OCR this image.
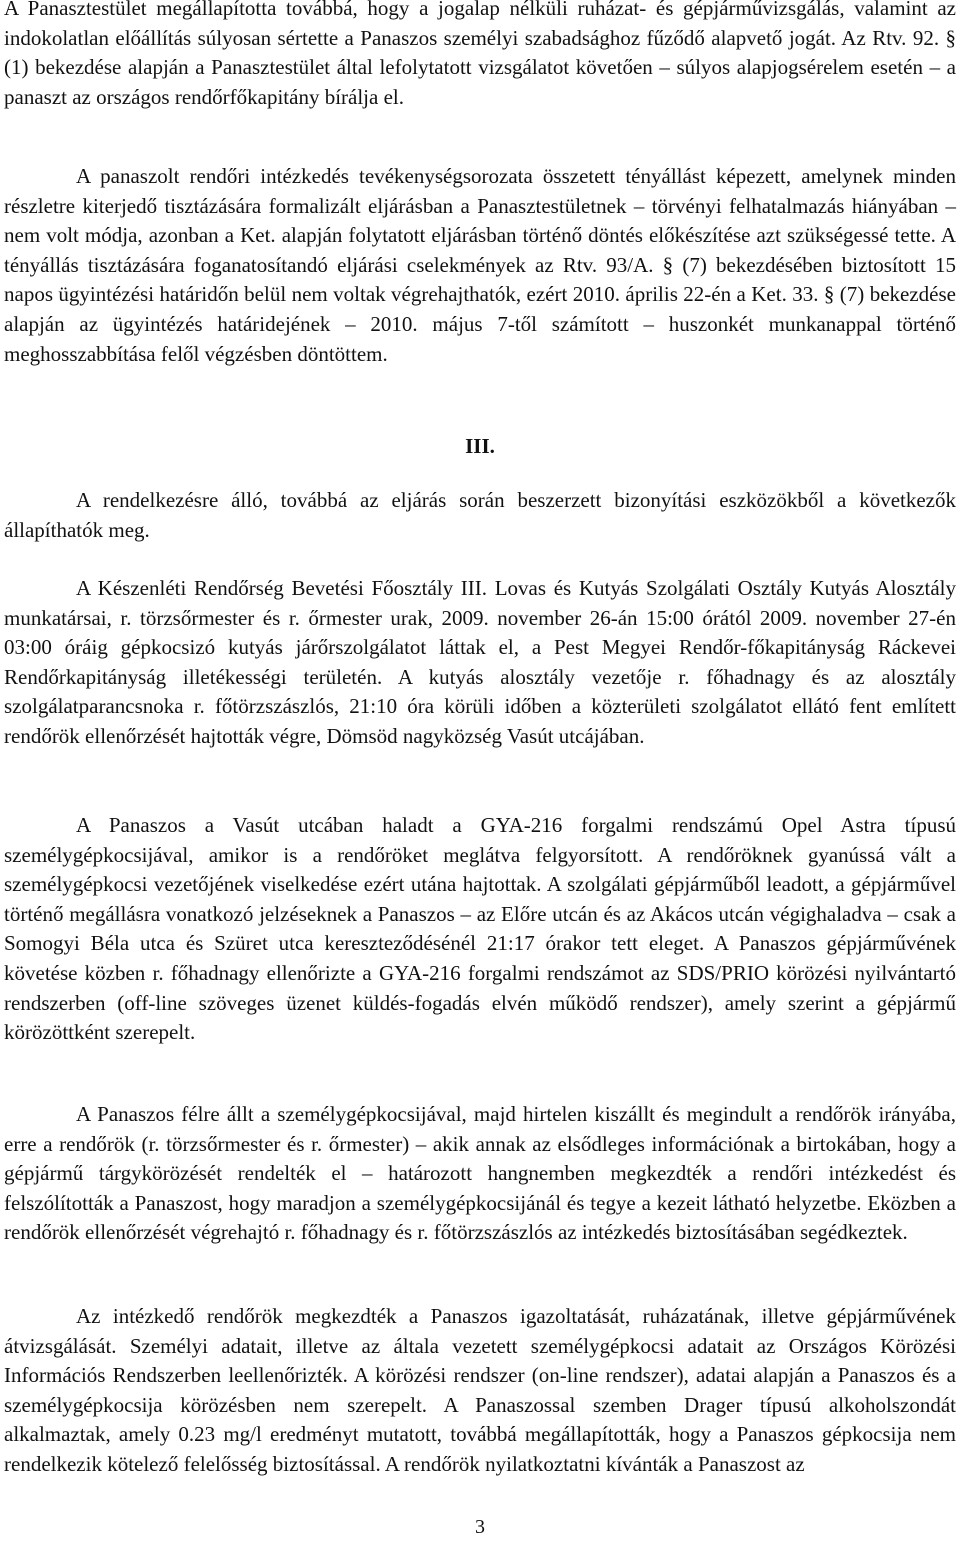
A Panasztestület megállapította továbbá, hogy a jogalap nélküli ruházat- és gépjárművizsgálás, valamint az indokolatlan előállítás súlyosan sértette a Panaszos személyi szabadsághoz fűződő alapvető jogát. Az Rtv. 92. § (1) bekezdése alapján a Panasztestület által lefolytatott vizsgálatot követően – súlyos alapjogsérelem esetén – a panaszt az országos rendőrfőkapitány bírálja el.

A panaszolt rendőri intézkedés tevékenységsorozata összetett tényállást képezett, amelynek minden részletre kiterjedő tisztázására formalizált eljárásban a Panasztestületnek – törvényi felhatalmazás hiányában – nem volt módja, azonban a Ket. alapján folytatott eljárásban történő döntés előkészítése azt szükségessé tette. A tényállás tisztázására foganatosítandó eljárási cselekmények az Rtv. 93/A. § (7) bekezdésében biztosított 15 napos ügyintézési határidőn belül nem voltak végrehajthatók, ezért 2010. április 22-én a Ket. 33. § (7) bekezdése alapján az ügyintézés határidejének – 2010. május 7-től számított – huszonkét munkanappal történő meghosszabbítása felől végzésben döntöttem.

III.

A rendelkezésre álló, továbbá az eljárás során beszerzett bizonyítási eszközökből a következők állapíthatók meg.

A Készenléti Rendőrség Bevetési Főosztály III. Lovas és Kutyás Szolgálati Osztály Kutyás Alosztály munkatársai, r. törzsőrmester és r. őrmester urak, 2009. november 26-án 15:00 órától 2009. november 27-én 03:00 óráig gépkocsizó kutyás járőrszolgálatot láttak el, a Pest Megyei Rendőr-főkapitányság Ráckevei Rendőrkapitányság illetékességi területén. A kutyás alosztály vezetője r. főhadnagy és az alosztály szolgálatparancsnoka r. főtörzszászlós, 21:10 óra körüli időben a közterületi szolgálatot ellátó fent említett rendőrök ellenőrzését hajtották végre, Dömsöd nagyközség Vasút utcájában.

A Panaszos a Vasút utcában haladt a GYA-216 forgalmi rendszámú Opel Astra típusú személygépkocsijával, amikor is a rendőröket meglátva felgyorsított. A rendőröknek gyanússá vált a személygépkocsi vezetőjének viselkedése ezért utána hajtottak. A szolgálati gépjárműből leadott, a gépjárművel történő megállásra vonatkozó jelzéseknek a Panaszos – az Előre utcán és az Akácos utcán végighaladva – csak a Somogyi Béla utca és Szüret utca kereszteződésénél 21:17 órakor tett eleget. A Panaszos gépjárművének követése közben r. főhadnagy ellenőrizte a GYA-216 forgalmi rendszámot az SDS/PRIO körözési nyilvántartó rendszerben (off-line szöveges üzenet küldés-fogadás elvén működő rendszer), amely szerint a gépjármű körözöttként szerepelt.

A Panaszos félre állt a személygépkocsijával, majd hirtelen kiszállt és megindult a rendőrök irányába, erre a rendőrök (r. törzsőrmester és r. őrmester) – akik annak az elsődleges információnak a birtokában, hogy a gépjármű tárgykörözését rendelték el – határozott hangnemben megkezdték a rendőri intézkedést és felszólították a Panaszost, hogy maradjon a személygépkocsijánál és tegye a kezeit látható helyzetbe. Eközben a rendőrök ellenőrzését végrehajtó r. főhadnagy és r. főtörzszászlós az intézkedés biztosításában segédkeztek.

Az intézkedő rendőrök megkezdték a Panaszos igazoltatását, ruházatának, illetve gépjárművének átvizsgálását. Személyi adatait, illetve az általa vezetett személygépkocsi adatait az Országos Körözési Információs Rendszerben leellenőrizték. A körözési rendszer (on-line rendszer), adatai alapján a Panaszos és a személygépkocsija körözésben nem szerepelt. A Panaszossal szemben Drager típusú alkoholszondát alkalmaztak, amely 0.23 mg/l eredményt mutatott, továbbá megállapították, hogy a Panaszos gépkocsija nem rendelkezik kötelező felelősség biztosítással. A rendőrök nyilatkoztatni kívánták a Panaszost az

3
